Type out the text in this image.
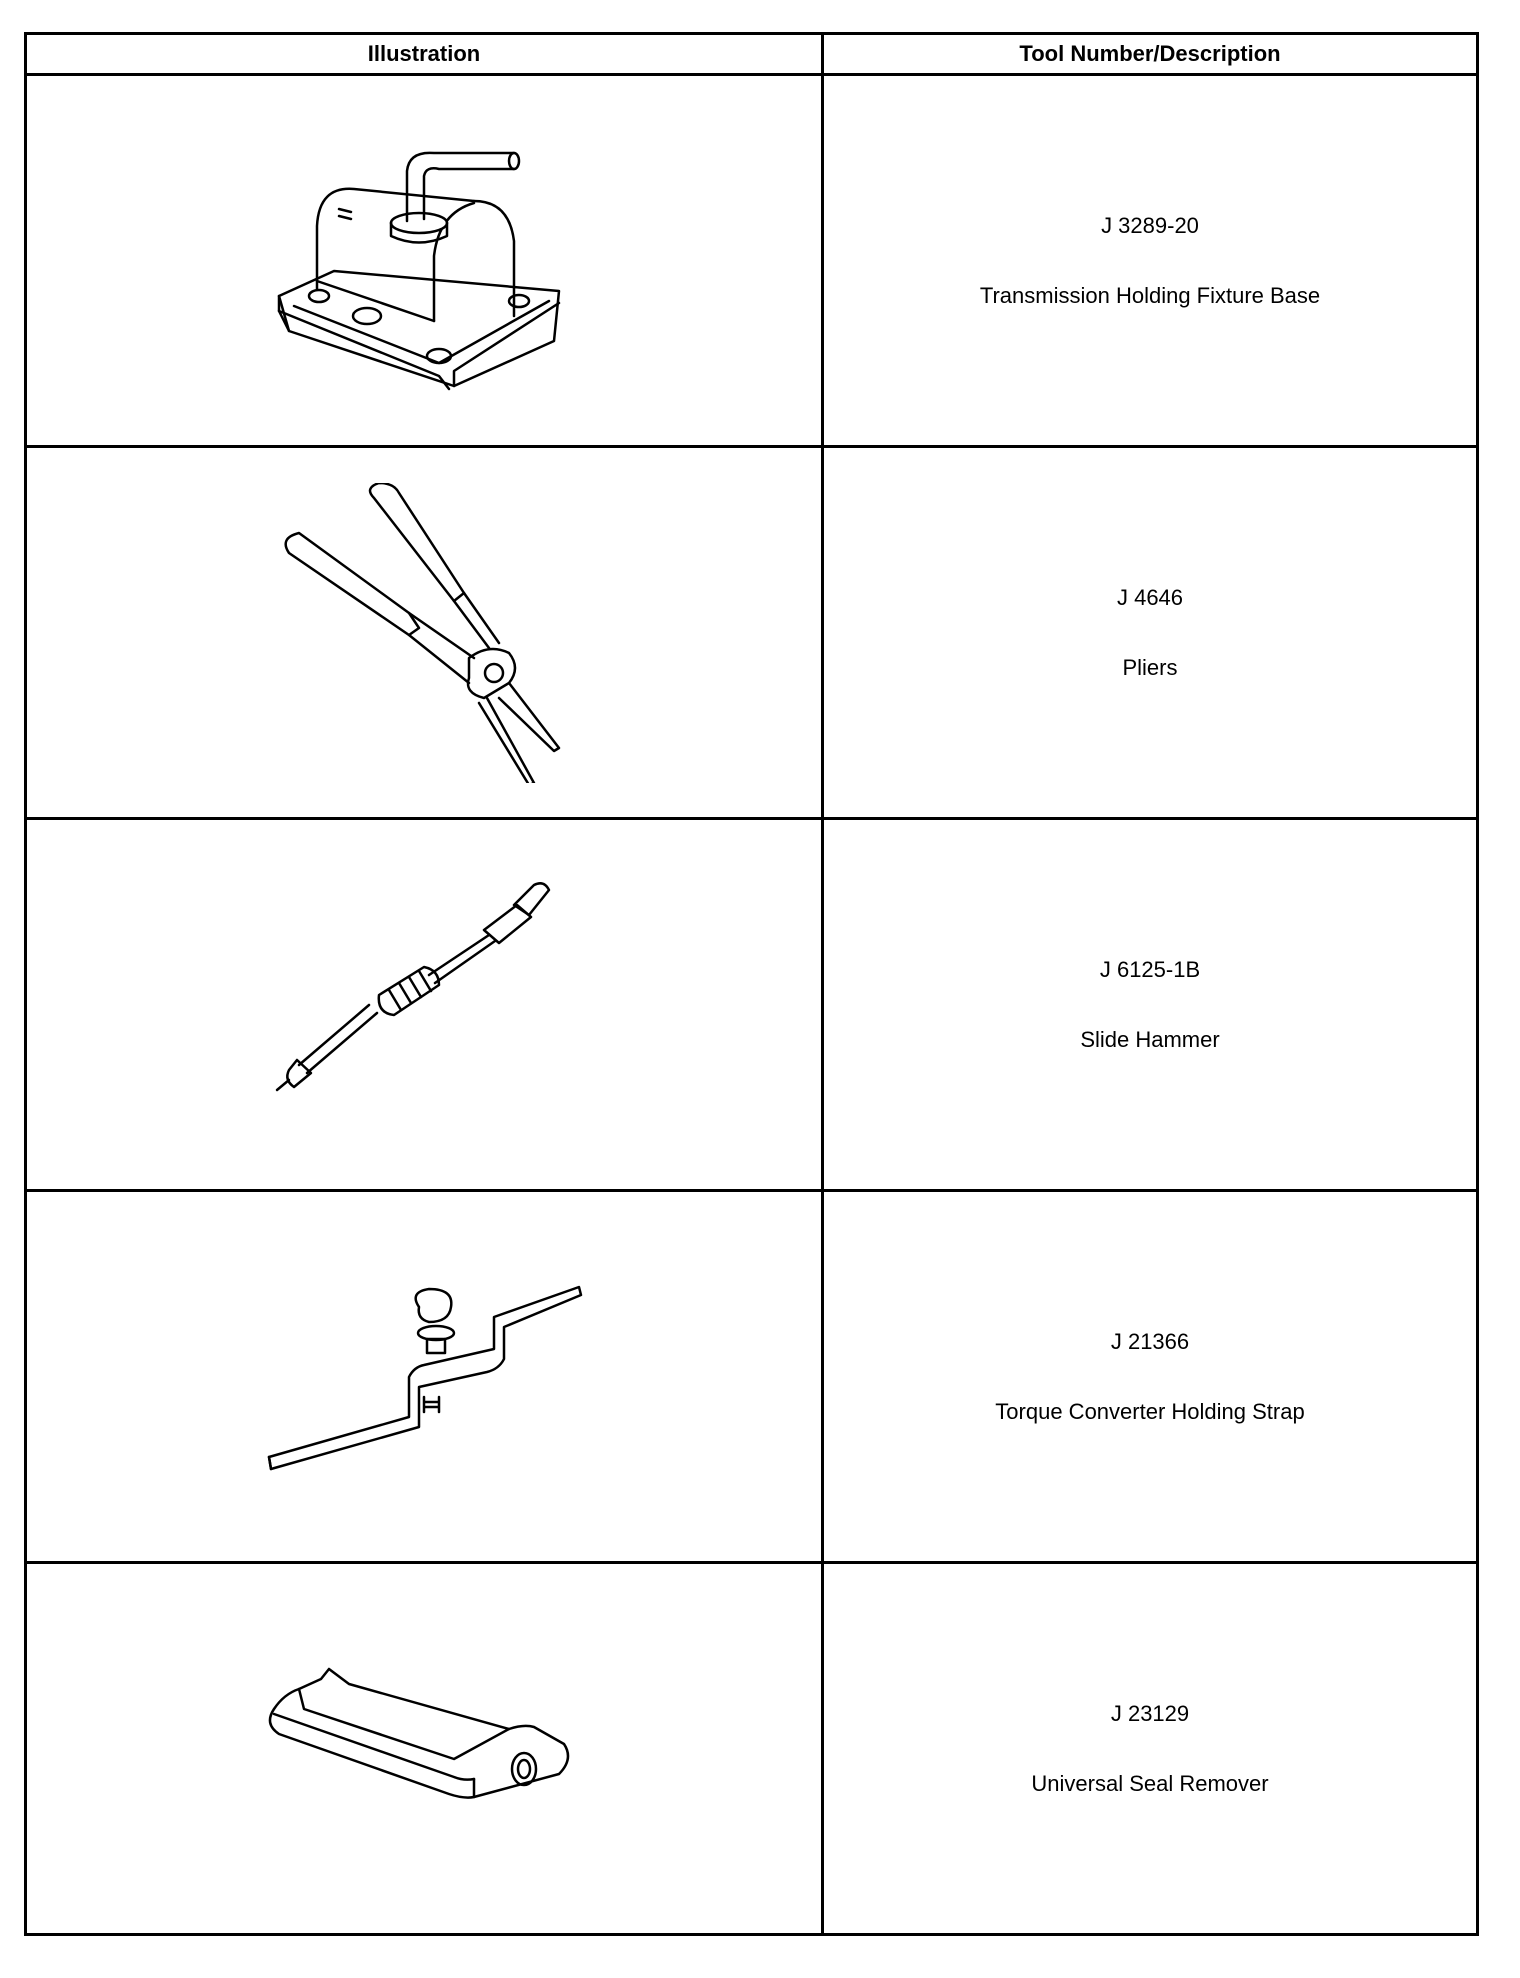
Illustration	Tool Number/Description

J 3289-20
Transmission Holding Fixture Base

J 4646
Pliers

J 6125-1B
Slide Hammer

J 21366
Torque Converter Holding Strap

J 23129
Universal Seal Remover
